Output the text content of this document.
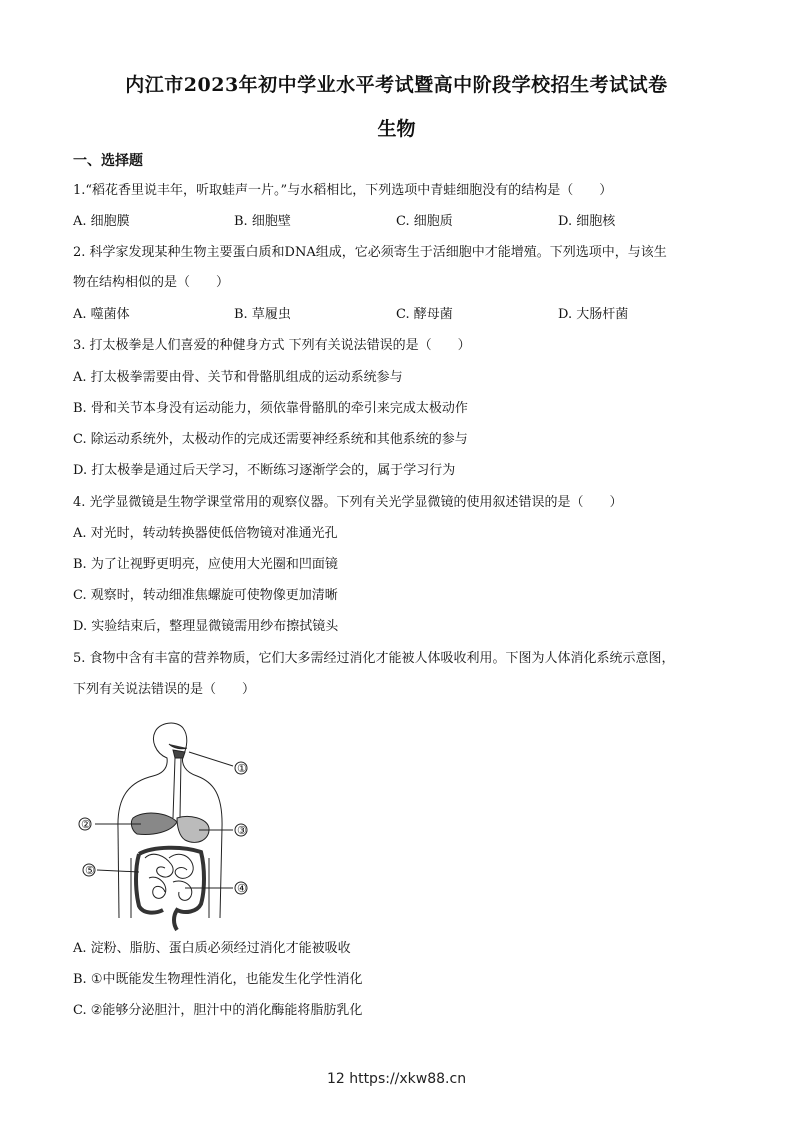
内江市2023年初中学业水平考试暨高中阶段学校招生考试试卷
生物
一、选择题
1.“稻花香里说丰年，听取蛙声一片。”与水稻相比，下列选项中青蛙细胞没有的结构是（　　）
A. 细胞膜	B. 细胞壁	C. 细胞质	D. 细胞核
2. 科学家发现某种生物主要蛋白质和DNA组成，它必须寄生于活细胞中才能增殖。下列选项中，与该生
物在结构相似的是（　　）
A. 噬菌体	B. 草履虫	C. 酵母菌	D. 大肠杆菌
3. 打太极拳是人们喜爱的种健身方式 下列有关说法错误的是（　　）
A. 打太极拳需要由骨、关节和骨骼肌组成的运动系统参与
B. 骨和关节本身没有运动能力，须依靠骨骼肌的牵引来完成太极动作
C. 除运动系统外，太极动作的完成还需要神经系统和其他系统的参与
D. 打太极拳是通过后天学习，不断练习逐渐学会的，属于学习行为
4. 光学显微镜是生物学课堂常用的观察仪器。下列有关光学显微镜的使用叙述错误的是（　　）
A. 对光时，转动转换器使低倍物镜对准通光孔
B. 为了让视野更明亮，应使用大光圈和凹面镜
C. 观察时，转动细准焦螺旋可使物像更加清晰
D. 实验结束后，整理显微镜需用纱布擦拭镜头
5. 食物中含有丰富的营养物质，它们大多需经过消化才能被人体吸收利用。下图为人体消化系统示意图，
下列有关说法错误的是（　　）
①
②	③
④
⑤
A. 淀粉、脂肪、蛋白质必须经过消化才能被吸收
B. ①中既能发生物理性消化，也能发生化学性消化
C. ②能够分泌胆汁，胆汁中的消化酶能将脂肪乳化
12 https://xkw88.cn
